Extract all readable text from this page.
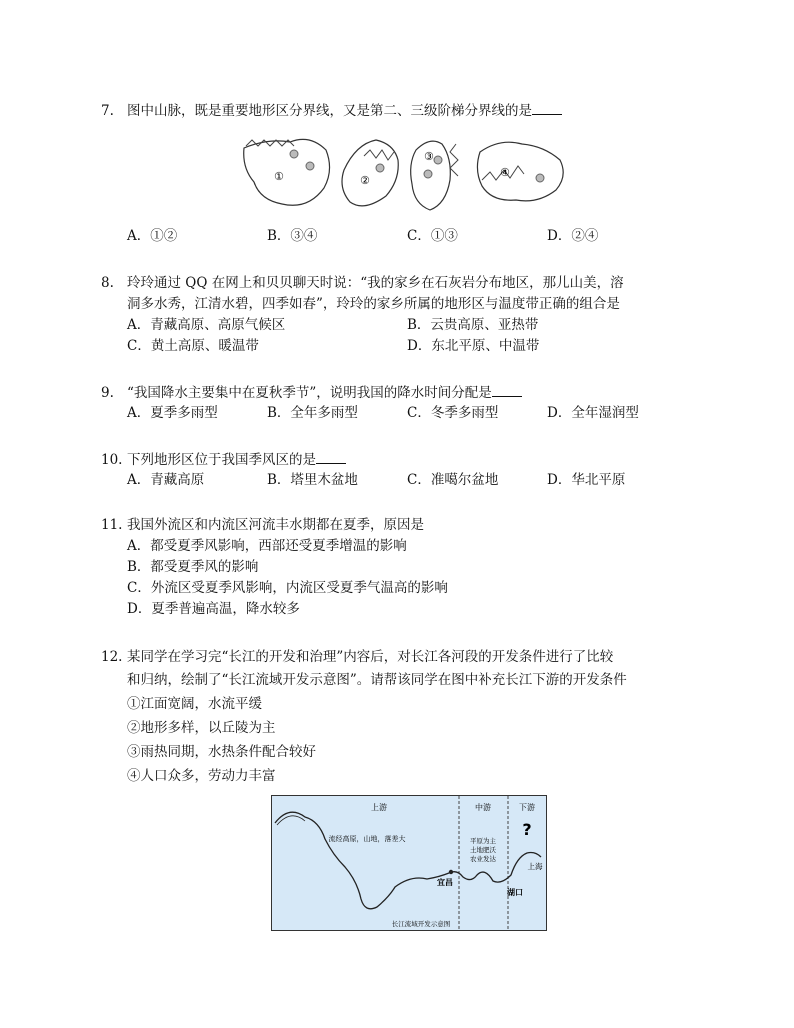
7. 图中山脉，既是重要地形区分界线，又是第二、三级阶梯分界线的是
①	②
③
④
A．①②	B．③④	C．①③	D．②④
8. 玲玲通过 QQ 在网上和贝贝聊天时说：“我的家乡在石灰岩分布地区，那儿山美，溶
洞多水秀，江清水碧，四季如春”，玲玲的家乡所属的地形区与温度带正确的组合是
A．青藏高原、高原气候区	B．云贵高原、亚热带
C．黄土高原、暖温带	D．东北平原、中温带
9. “我国降水主要集中在夏秋季节”，说明我国的降水时间分配是
A．夏季多雨型	B．全年多雨型	C．冬季多雨型	D．全年湿润型
10. 下列地形区位于我国季风区的是
A．青藏高原	B．塔里木盆地	C．准噶尔盆地	D．华北平原
11. 我国外流区和内流区河流丰水期都在夏季，原因是
A．都受夏季风影响，西部还受夏季增温的影响
B．都受夏季风的影响
C．外流区受夏季风影响，内流区受夏季气温高的影响
D．夏季普遍高温，降水较多
12. 某同学在学习完“长江的开发和治理”内容后，对长江各河段的开发条件进行了比较
和归纳，绘制了“长江流域开发示意图”。请帮该同学在图中补充长江下游的开发条件
①江面宽阔，水流平缓
②地形多样，以丘陵为主
③雨热同期，水热条件配合较好
④人口众多，劳动力丰富
上游	中游	下游
流经高原，山地，落差大	平原为主
土地肥沃
农业发达
?
宜昌
湖口
上海
长江流域开发示意图
